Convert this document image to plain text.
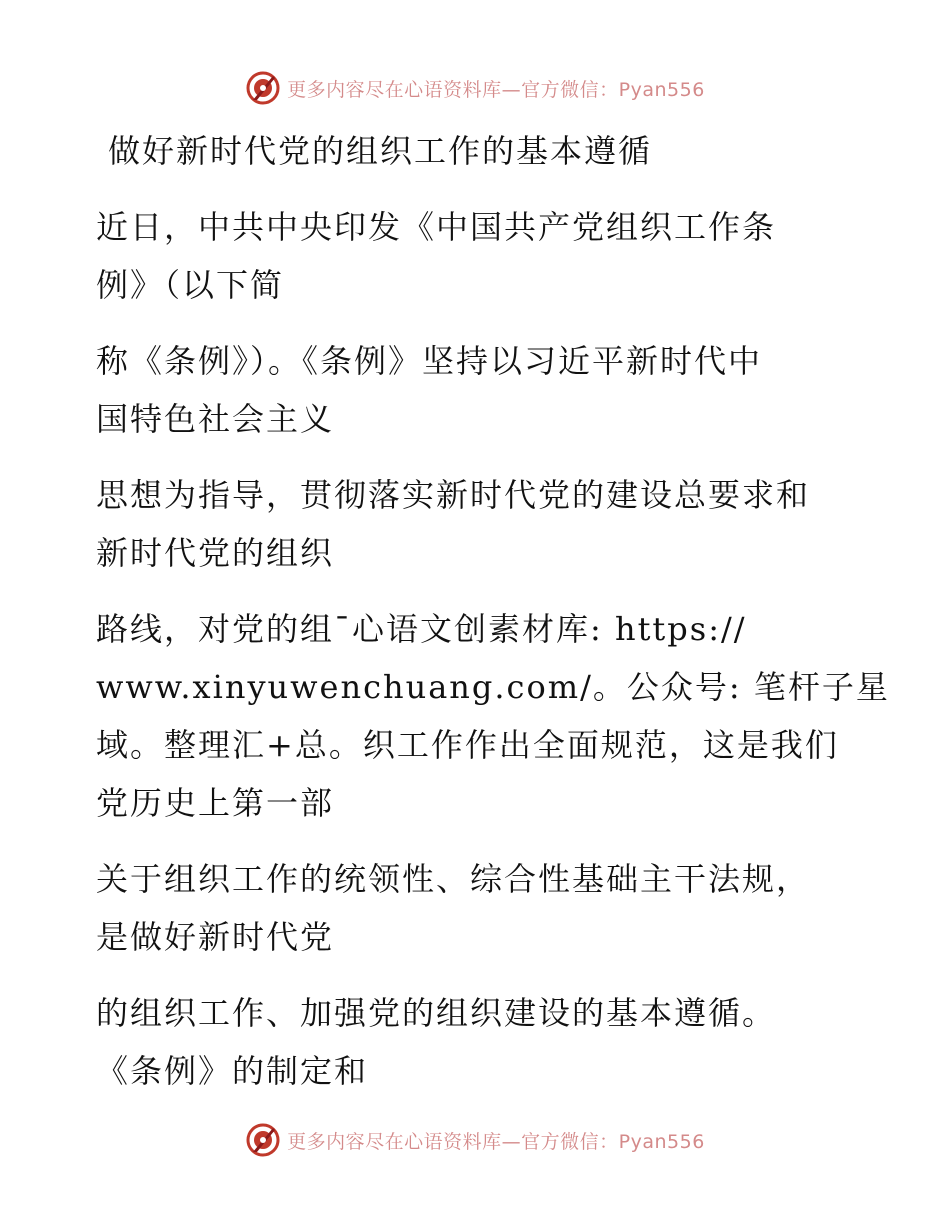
更多内容尽在心语资料库—官方微信：Pyan556
做好新时代党的组织工作的基本遵循
近日，中共中央印发《中国共产党组织工作条
例》（以下简
称《条例》）。《条例》坚持以习近平新时代中
国特色社会主义
思想为指导，贯彻落实新时代党的建设总要求和
新时代党的组织
路线，对党的组¯心语文创素材库: https://
www.xinyuwenchuang.com/。公众号: 笔杆子星
域。整理汇+总。织工作作出全面规范，这是我们
党历史上第一部
关于组织工作的统领性、综合性基础主干法规，
是做好新时代党
的组织工作、加强党的组织建设的基本遵循。
《条例》的制定和
更多内容尽在心语资料库—官方微信：Pyan556
